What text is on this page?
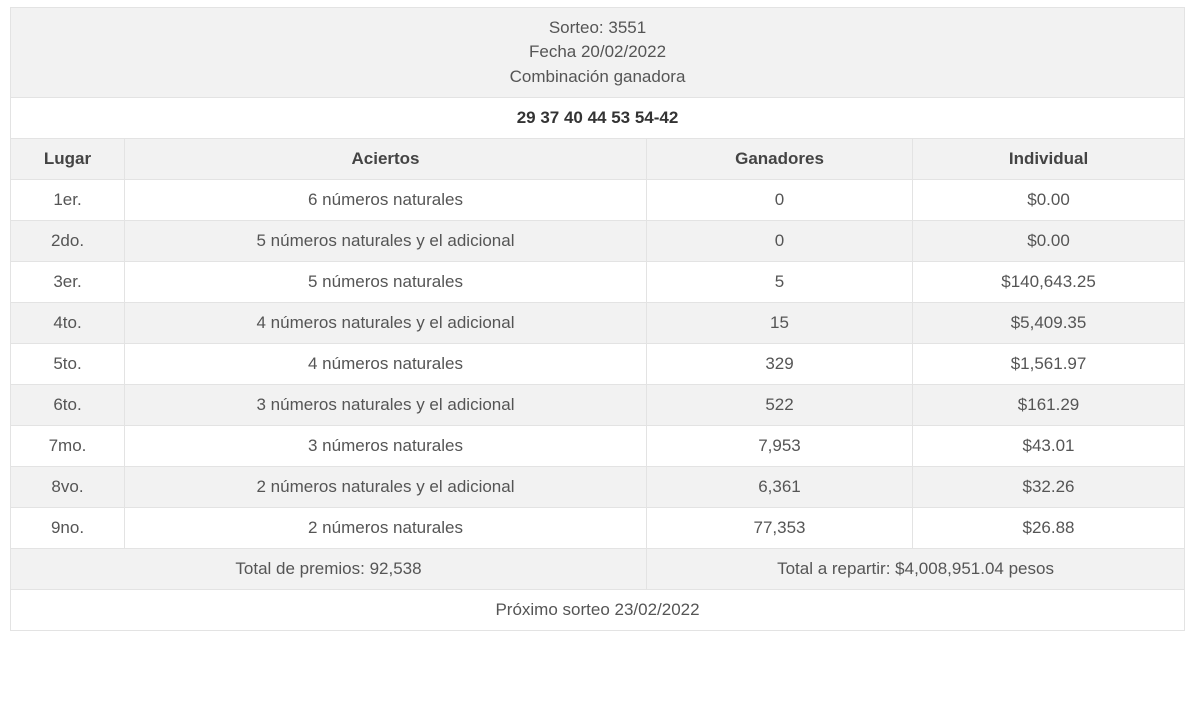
Sorteo: 3551
Fecha 20/02/2022
Combinación ganadora			

29 37 40 44 53 54-42			
Lugar	Aciertos	Ganadores	Individual
1er.	6 números naturales	0	$0.00
2do.	5 números naturales y el adicional	0	$0.00
3er.	5 números naturales	5	$140,643.25
4to.	4 números naturales y el adicional	15	$5,409.35
5to.	4 números naturales	329	$1,561.97
6to.	3 números naturales y el adicional	522	$161.29
7mo.	3 números naturales	7,953	$43.01
8vo.	2 números naturales y el adicional	6,361	$32.26
9no.	2 números naturales	77,353	$26.88
Total de premios: 92,538		Total a repartir: $4,008,951.04 pesos	
Próximo sorteo 23/02/2022			
